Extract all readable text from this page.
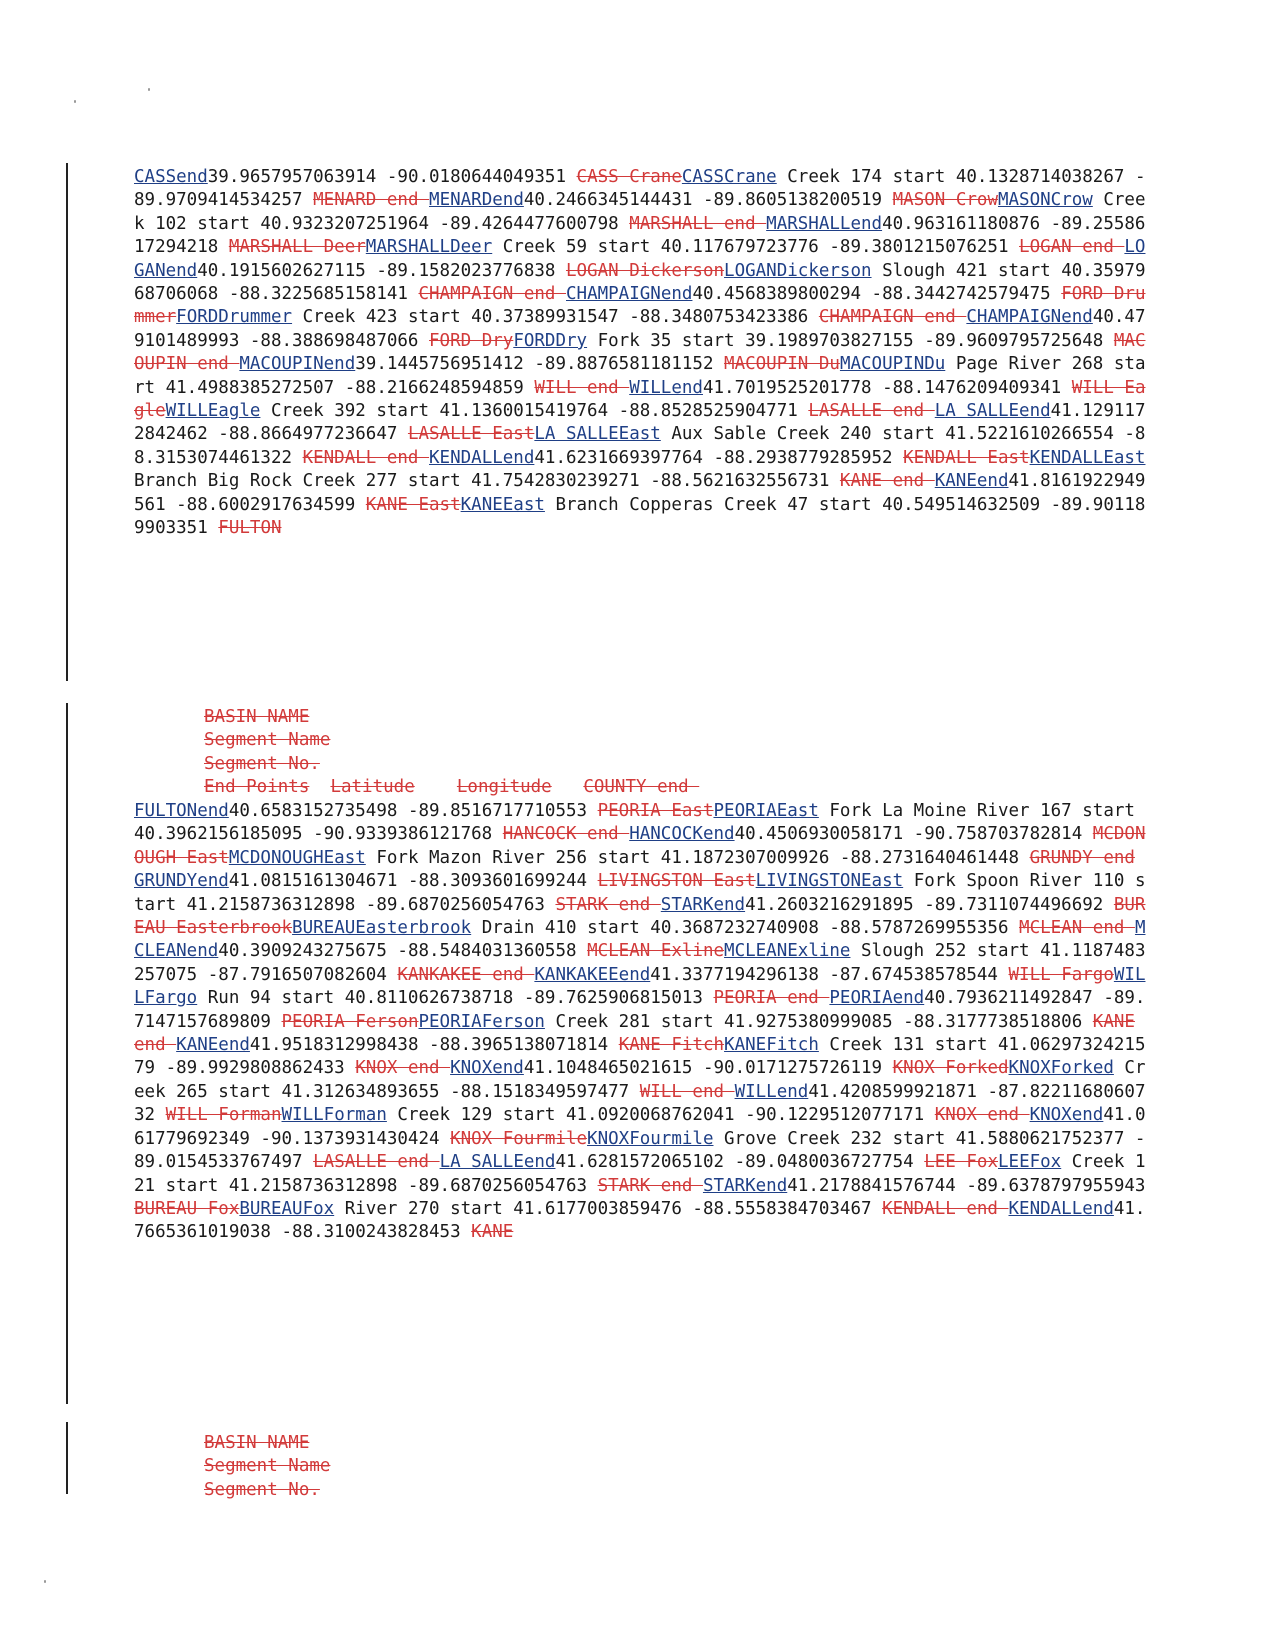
CASSend39.9657957063914 -90.0180644049351 CASS CraneCASSCrane Creek 174 start 40.1328714038267 -89.9709414534257 MENARD end MENARDend40.2466345144431 -89.8605138200519 MASON CrowMASONCrow Creek 102 start 40.9323207251964 -89.4264477600798 MARSHALL end MARSHALLend40.963161180876 -89.2558617294218 MARSHALL DeerMARSHALLDeer Creek 59 start 40.117679723776 -89.3801215076251 LOGAN end LOGANend40.1915602627115 -89.1582023776838 LOGAN DickersonLOGANDickerson Slough 421 start 40.3597968706068 -88.3225685158141 CHAMPAIGN end CHAMPAIGNend40.4568389800294 -88.3442742579475 FORD DrummerFORDDrummer Creek 423 start 40.37389931547 -88.3480753423386 CHAMPAIGN end CHAMPAIGNend40.479101489993 -88.388698487066 FORD DryFORDDry Fork 35 start 39.1989703827155 -89.9609795725648 MACOUPIN end MACOUPINend39.1445756951412 -89.8876581181152 MACOUPIN DuMACOUPINDu Page River 268 start 41.4988385272507 -88.2166248594859 WILL end WILLend41.7019525201778 -88.1476209409341 WILL EagleWILLEagle Creek 392 start 41.1360015419764 -88.8528525904771 LASALLE end LA SALLEend41.1291172842462 -88.8664977236647 LASALLE EastLA SALLEEast Aux Sable Creek 240 start 41.5221610266554 -88.3153074461322 KENDALL end KENDALLend41.6231669397764 -88.2938779285952 KENDALL EastKENDALLEast Branch Big Rock Creek 277 start 41.7542830239271 -88.5621632556731 KANE end KANEend41.8161922949561 -88.6002917634599 KANE EastKANEEast Branch Copperas Creek 47 start 40.549514632509 -89.901189903351 FULTON
BASIN NAME
Segment Name
Segment No.
End Points Latitude Longitude COUNTY end
FULTONend40.6583152735498 -89.8516717710553 PEORIA EastPEORIAEast Fork La Moine River 167 start 40.3962156185095 -90.9339386121768 HANCOCK end HANCOCKend40.4506930058171 -90.758703782814 MCDONOUGH EastMCDONOUGHEast Fork Mazon River 256 start 41.1872307009926 -88.2731640461448 GRUNDY end GRUNDYend41.0815161304671 -88.3093601699244 LIVINGSTON EastLIVINGSTONEast Fork Spoon River 110 start 41.2158736312898 -89.6870256054763 STARK end STARKend41.2603216291895 -89.7311074496692 BUREAU EasterbrookBUREAUEasterbrook Drain 410 start 40.3687232740908 -88.5787269955356 MCLEAN end MCLEANend40.3909243275675 -88.5484031360558 MCLEAN ExlineMCLEANExline Slough 252 start 41.1187483257075 -87.7916507082604 KANKAKEE end KANKAKEEend41.3377194296138 -87.674538578544 WILL FargoWILLFargo Run 94 start 40.8110626738718 -89.7625906815013 PEORIA end PEORIAend40.7936211492847 -89.7147157689809 PEORIA FersonPEORIAFerson Creek 281 start 41.9275380999085 -88.3177738518806 KANE end KANEend41.9518312998438 -88.3965138071814 KANE FitchKANEFitch Creek 131 start 41.0629732421579 -89.9929808862433 KNOX end KNOXend41.1048465021615 -90.0171275726119 KNOX ForkedKNOXForked Creek 265 start 41.312634893655 -88.1518349597477 WILL end WILLend41.4208599921871 -87.8221168060732 WILL FormanWILLForman Creek 129 start 41.0920068762041 -90.1229512077171 KNOX end KNOXend41.061779692349 -90.1373931430424 KNOX FourmileKNOXFourmile Grove Creek 232 start 41.5880621752377 -89.0154533767497 LASALLE end LA SALLEend41.6281572065102 -89.0480036727754 LEE FoxLEEFox Creek 121 start 41.2158736312898 -89.6870256054763 STARK end STARKend41.2178841576744 -89.6378797955943 BUREAU FoxBUREAUFox River 270 start 41.6177003859476 -88.5558384703467 KENDALL end KENDALLend41.7665361019038 -88.3100243828453 KANE
BASIN NAME
Segment Name
Segment No.
